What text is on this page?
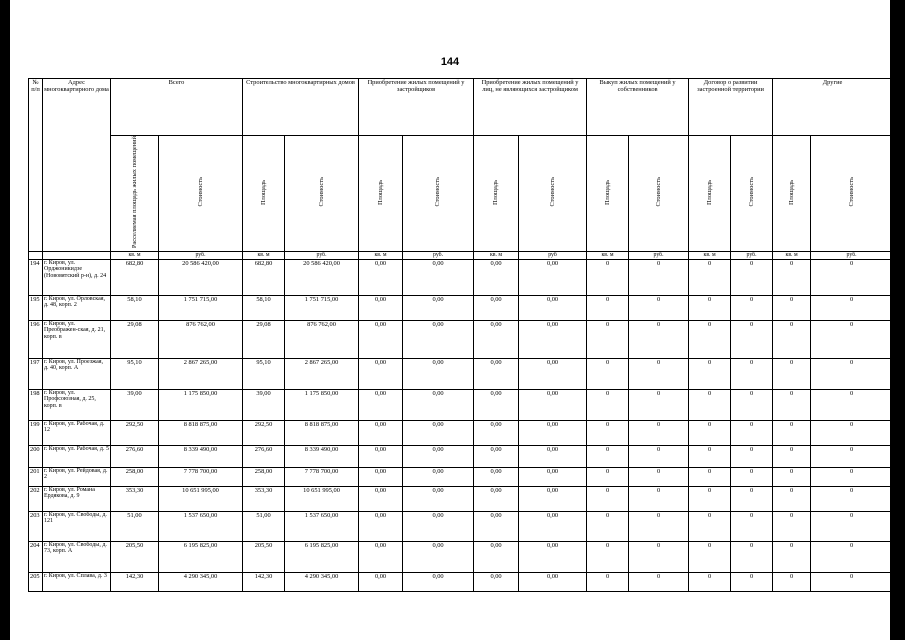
144
№ п/п	Адрес многоквартирного дома	Всего		Строительство многоквартирных домов		Приобретение жилых помещений у застройщиков		Приобретение жилых помещений у лиц, не являющихся застройщиком		Выкуп жилых помещений у собственников		Договор о развитии застроенной территории		Другие	
		Расселяемая площадь жилых помещений	Стоимость	Площадь	Стоимость	Площадь	Стоимость	Площадь	Стоимость	Площадь	Стоимость	Площадь	Стоимость	Площадь	Стоимость
		кв. м	руб.	кв. м	руб.	кв. м	руб.	кв. м	руб	кв. м	руб.	кв. м	руб.	кв. м	руб.
194	г. Киров, ул. Орджоникидзе (Нововятский р-н), д. 24	682,80	20 586 420,00	682,80	20 586 420,00	0,00	0,00	0,00	0,00	0	0	0	0	0	0
195	г. Киров, ул. Орловская, д. 48, корп. 2	58,10	1 751 715,00	58,10	1 751 715,00	0,00	0,00	0,00	0,00	0	0	0	0	0	0
196	г. Киров, ул. Преображен-ская, д. 21, корп. в	29,08	876 762,00	29,08	876 762,00	0,00	0,00	0,00	0,00	0	0	0	0	0	0
197	г. Киров, ул. Проезжая, д. 40, корп. А	95,10	2 867 265,00	95,10	2 867 265,00	0,00	0,00	0,00	0,00	0	0	0	0	0	0
198	г. Киров, ул. Профсоюзная, д. 25, корп. в	39,00	1 175 850,00	39,00	1 175 850,00	0,00	0,00	0,00	0,00	0	0	0	0	0	0
199	г. Киров, ул. Рабочая, д. 12	292,50	8 818 875,00	292,50	8 818 875,00	0,00	0,00	0,00	0,00	0	0	0	0	0	0
200	г. Киров, ул. Рабочая, д. 5	276,60	8 339 490,00	276,60	8 339 490,00	0,00	0,00	0,00	0,00	0	0	0	0	0	0
201	г. Киров, ул. Рейдовая, д. 2	258,00	7 778 700,00	258,00	7 778 700,00	0,00	0,00	0,00	0,00	0	0	0	0	0	0
202	г. Киров, ул. Романа Ердякова, д. 9	353,30	10 651 995,00	353,30	10 651 995,00	0,00	0,00	0,00	0,00	0	0	0	0	0	0
203	г. Киров, ул. Свободы, д. 121	51,00	1 537 650,00	51,00	1 537 650,00	0,00	0,00	0,00	0,00	0	0	0	0	0	0
204	г. Киров, ул. Свободы, д. 73, корп. А	205,50	6 195 825,00	205,50	6 195 825,00	0,00	0,00	0,00	0,00	0	0	0	0	0	0
205	г. Киров, ул. Сплава, д. 3	142,30	4 290 345,00	142,30	4 290 345,00	0,00	0,00	0,00	0,00	0	0	0	0	0	0
